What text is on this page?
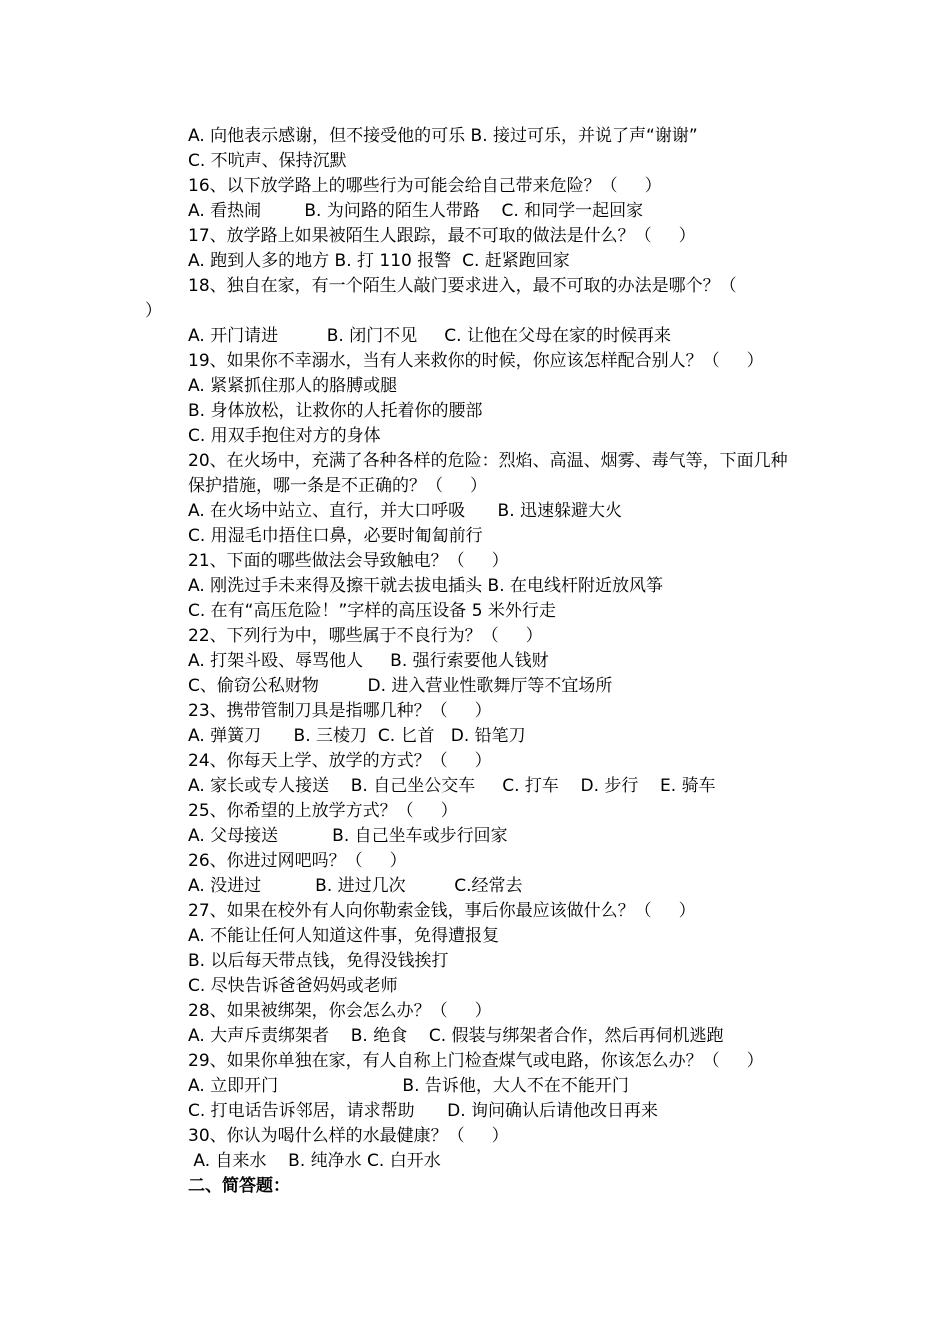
A. 向他表示感谢，但不接受他的可乐 B. 接过可乐，并说了声“谢谢”
C. 不吭声、保持沉默
16、以下放学路上的哪些行为可能会给自己带来危险？（     ）
A. 看热闹        B. 为问路的陌生人带路    C. 和同学一起回家
17、放学路上如果被陌生人跟踪，最不可取的做法是什么？（     ）
A. 跑到人多的地方 B. 打 110 报警  C. 赶紧跑回家
18、独自在家，有一个陌生人敲门要求进入，最不可取的办法是哪个？（
）
A. 开门请进         B. 闭门不见     C. 让他在父母在家的时候再来
19、如果你不幸溺水，当有人来救你的时候，你应该怎样配合别人？（     ）
A. 紧紧抓住那人的胳膊或腿
B. 身体放松，让救你的人托着你的腰部
C. 用双手抱住对方的身体
20、在火场中，充满了各种各样的危险：烈焰、高温、烟雾、毒气等，下面几种
保护措施，哪一条是不正确的？（     ）
A. 在火场中站立、直行，并大口呼吸      B. 迅速躲避大火
C. 用湿毛巾捂住口鼻，必要时匍匐前行
21、下面的哪些做法会导致触电？（     ）
A. 刚洗过手未来得及擦干就去拔电插头 B. 在电线杆附近放风筝
C. 在有“高压危险！”字样的高压设备 5 米外行走
22、下列行为中，哪些属于不良行为？（     ）
A. 打架斗殴、辱骂他人     B. 强行索要他人钱财
C、偷窃公私财物         D. 进入营业性歌舞厅等不宜场所
23、携带管制刀具是指哪几种？（     ）
A. 弹簧刀      B. 三棱刀  C. 匕首   D. 铅笔刀
24、你每天上学、放学的方式？（     ）
A. 家长或专人接送    B. 自己坐公交车     C. 打车    D. 步行    E. 骑车
25、你希望的上放学方式？（     ）
A. 父母接送          B. 自己坐车或步行回家
26、你进过网吧吗？（     ）
A. 没进过          B. 进过几次         C.经常去
27、如果在校外有人向你勒索金钱，事后你最应该做什么？（     ）
A. 不能让任何人知道这件事，免得遭报复
B. 以后每天带点钱，免得没钱挨打
C. 尽快告诉爸爸妈妈或老师
28、如果被绑架，你会怎么办？（     ）
A. 大声斥责绑架者    B. 绝食    C. 假装与绑架者合作，然后再伺机逃跑
29、如果你单独在家，有人自称上门检查煤气或电路，你该怎么办？（     ）
A. 立即开门                       B. 告诉他，大人不在不能开门
C. 打电话告诉邻居，请求帮助      D. 询问确认后请他改日再来
30、你认为喝什么样的水最健康？（     ）
A. 自来水    B. 纯净水 C. 白开水
二、简答题：
